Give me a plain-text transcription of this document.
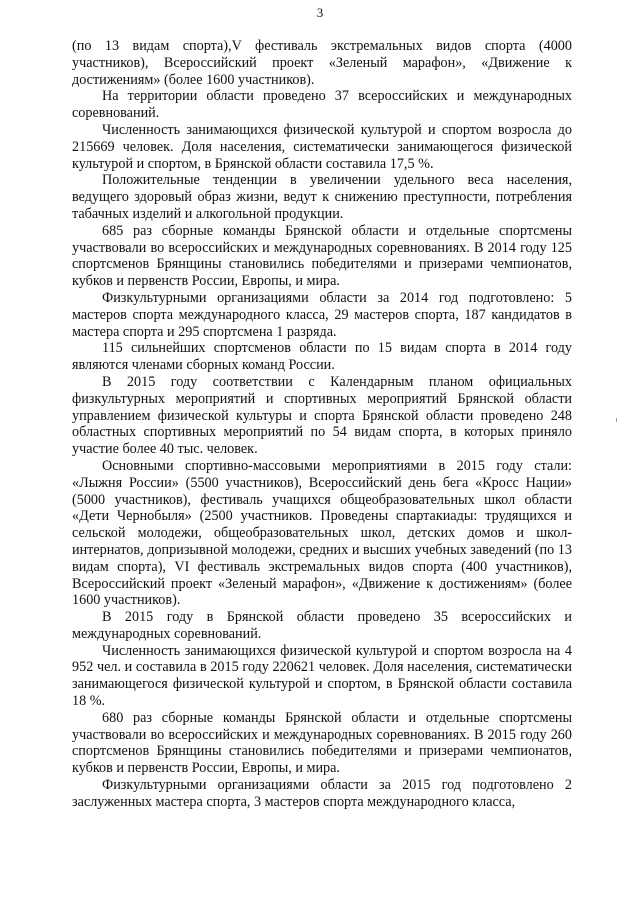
3

(по 13 видам спорта),V фестиваль экстремальных видов спорта (4000 участников), Всероссийский проект «Зеленый марафон», «Движение к достижениям» (более 1600 участников).

На территории области проведено 37 всероссийских и международных соревнований.

Численность занимающихся физической культурой и спортом возросла до 215669 человек. Доля населения, систематически занимающегося физической культурой и спортом, в Брянской области составила 17,5 %.

Положительные тенденции в увеличении удельного веса населения, ведущего здоровый образ жизни, ведут к снижению преступности, потребления табачных изделий и алкогольной продукции.

685 раз сборные команды Брянской области и отдельные спортсмены участвовали во всероссийских и международных соревнованиях. В 2014 году 125 спортсменов Брянщины становились победителями и призерами чемпионатов, кубков и первенств России, Европы, и мира.

Физкультурными организациями области за 2014 год подготовлено: 5 мастеров спорта международного класса, 29 мастеров спорта, 187 кандидатов в мастера спорта и 295 спортсмена 1 разряда.

115 сильнейших спортсменов области по 15 видам спорта в 2014 году являются членами сборных команд России.

В 2015 году соответствии с Календарным планом официальных физкультурных мероприятий и спортивных мероприятий Брянской области управлением физической культуры и спорта Брянской области проведено 248 областных спортивных мероприятий по 54 видам спорта, в которых приняло участие более 40 тыс. человек.

Основными спортивно-массовыми мероприятиями в 2015 году стали: «Лыжня России» (5500 участников), Всероссийский день бега «Кросс Нации» (5000 участников), фестиваль учащихся общеобразовательных школ области «Дети Чернобыля» (2500 участников. Проведены спартакиады: трудящихся и сельской молодежи, общеобразовательных школ, детских домов и школ-интернатов, допризывной молодежи, средних и высших учебных заведений (по 13 видам спорта), VI фестиваль экстремальных видов спорта (400 участников), Всероссийский проект «Зеленый марафон», «Движение к достижениям» (более 1600 участников).

В 2015 году в Брянской области проведено 35 всероссийских и международных соревнований.

Численность занимающихся физической культурой и спортом возросла на 4 952 чел. и составила в 2015 году 220621 человек. Доля населения, систематически занимающегося физической культурой и спортом, в Брянской области составила 18 %.

680 раз сборные команды Брянской области и отдельные спортсмены участвовали во всероссийских и международных соревнованиях. В 2015 году 260 спортсменов Брянщины становились победителями и призерами чемпионатов, кубков и первенств России, Европы, и мира.

Физкультурными организациями области за 2015 год подготовлено 2 заслуженных мастера спорта, 3 мастеров спорта международного класса,
